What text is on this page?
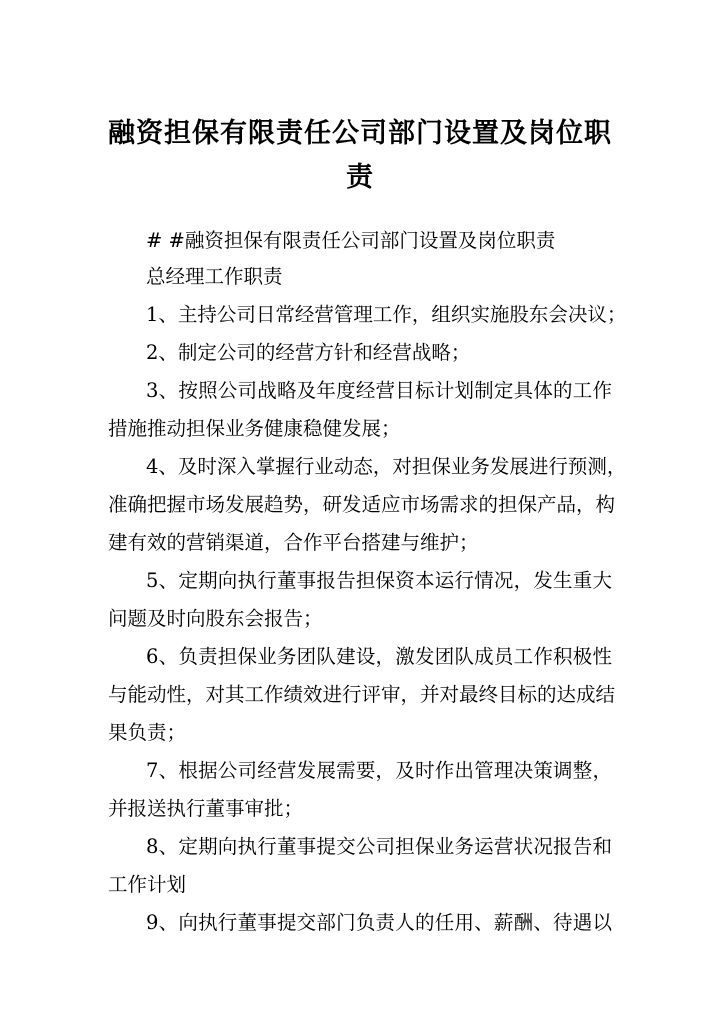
融资担保有限责任公司部门设置及岗位职
责

# #融资担保有限责任公司部门设置及岗位职责

总经理工作职责

1、主持公司日常经营管理工作，组织实施股东会决议；

2、制定公司的经营方针和经营战略；

3、按照公司战略及年度经营目标计划制定具体的工作

措施推动担保业务健康稳健发展；

4、及时深入掌握行业动态，对担保业务发展进行预测，

准确把握市场发展趋势，研发适应市场需求的担保产品，构

建有效的营销渠道，合作平台搭建与维护；

5、定期向执行董事报告担保资本运行情况，发生重大

问题及时向股东会报告；

6、负责担保业务团队建设，激发团队成员工作积极性

与能动性，对其工作绩效进行评审，并对最终目标的达成结

果负责；

7、根据公司经营发展需要，及时作出管理决策调整，

并报送执行董事审批；

8、定期向执行董事提交公司担保业务运营状况报告和

工作计划

9、向执行董事提交部门负责人的任用、薪酬、待遇以
